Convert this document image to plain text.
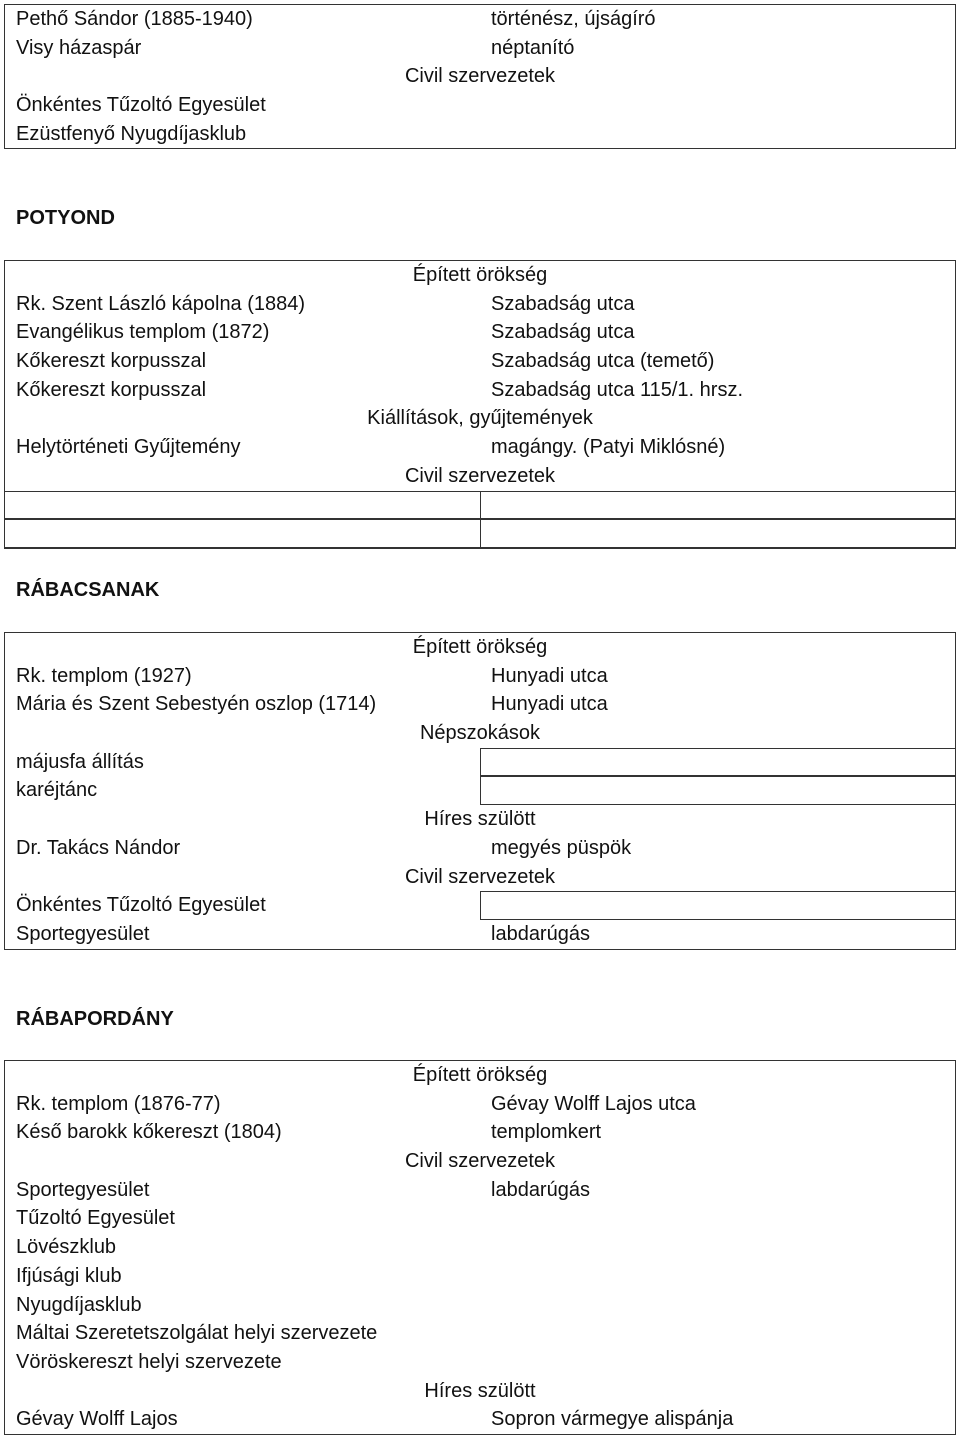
Pethő Sándor (1885-1940)	történész, újságíró
Visy házaspár	néptanító
Civil szervezetek
Önkéntes Tűzoltó Egyesület
Ezüstfenyő Nyugdíjasklub
POTYOND
Épített örökség
Rk. Szent László kápolna (1884)	Szabadság utca
Evangélikus templom (1872)	Szabadság utca
Kőkereszt korpusszal	Szabadság utca (temető)
Kőkereszt korpusszal	Szabadság utca 115/1. hrsz.
Kiállítások, gyűjtemények
Helytörténeti Gyűjtemény	magángy. (Patyi Miklósné)
Civil szervezetek
RÁBACSANAK
Épített örökség
Rk. templom (1927)	Hunyadi utca
Mária és Szent Sebestyén oszlop (1714)	Hunyadi utca
Népszokások
májusfa állítás
karéjtánc
Híres szülött
Dr. Takács Nándor	megyés püspök
Civil szervezetek
Önkéntes Tűzoltó Egyesület
Sportegyesület	labdarúgás
RÁBAPORDÁNY
Épített örökség
Rk. templom (1876-77)	Gévay Wolff Lajos utca
Késő barokk kőkereszt (1804)	templomkert
Civil szervezetek
Sportegyesület	labdarúgás
Tűzoltó Egyesület
Lövészklub
Ifjúsági klub
Nyugdíjasklub
Máltai Szeretetszolgálat helyi szervezete
Vöröskereszt helyi szervezete
Híres szülött
Gévay Wolff Lajos	Sopron vármegye alispánja
